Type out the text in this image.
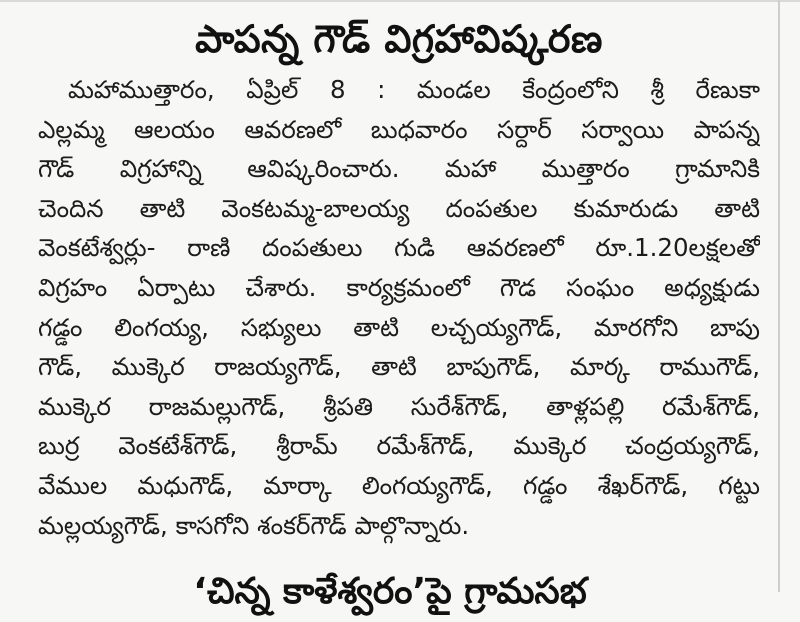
పాపన్న గౌడ్ విగ్రహావిష్కరణ
మహాముత్తారం, ఏప్రిల్ 8 : మండల కేంద్రంలోని శ్రీ రేణుకా
ఎల్లమ్మ ఆలయం ఆవరణలో బుధవారం సర్దార్ సర్వాయి పాపన్న
గౌడ్ విగ్రహాన్ని ఆవిష్కరించారు. మహా ముత్తారం గ్రామానికి
చెందిన తాటి వెంకటమ్మ-బాలయ్య దంపతుల కుమారుడు తాటి
వెంకటేశ్వర్లు- రాణి దంపతులు గుడి ఆవరణలో రూ.1.20లక్షలతో
విగ్రహం ఏర్పాటు చేశారు. కార్యక్రమంలో గౌడ సంఘం అధ్యక్షుడు
గడ్డం లింగయ్య, సభ్యులు తాటి లచ్చయ్యగౌడ్, మారగోని బాపు
గౌడ్, ముక్కెర రాజయ్యగౌడ్, తాటి బాపుగౌడ్, మార్క రాముగౌడ్,
ముక్కెర రాజమల్లుగౌడ్, శ్రీపతి సురేశ్‌గౌడ్, తాళ్లపల్లి రమేశ్‌గౌడ్,
బుర్ర వెంకటేశ్‌గౌడ్, శ్రీరామ్ రమేశ్‌గౌడ్, ముక్కెర చంద్రయ్యగౌడ్,
వేముల మధుగౌడ్, మార్కా లింగయ్యగౌడ్, గడ్డం శేఖర్‌గౌడ్, గట్టు
మల్లయ్యగౌడ్, కాసగోని శంకర్‌గౌడ్ పాల్గొన్నారు.
‘చిన్న కాళేశ్వరం’పై గ్రామసభ
